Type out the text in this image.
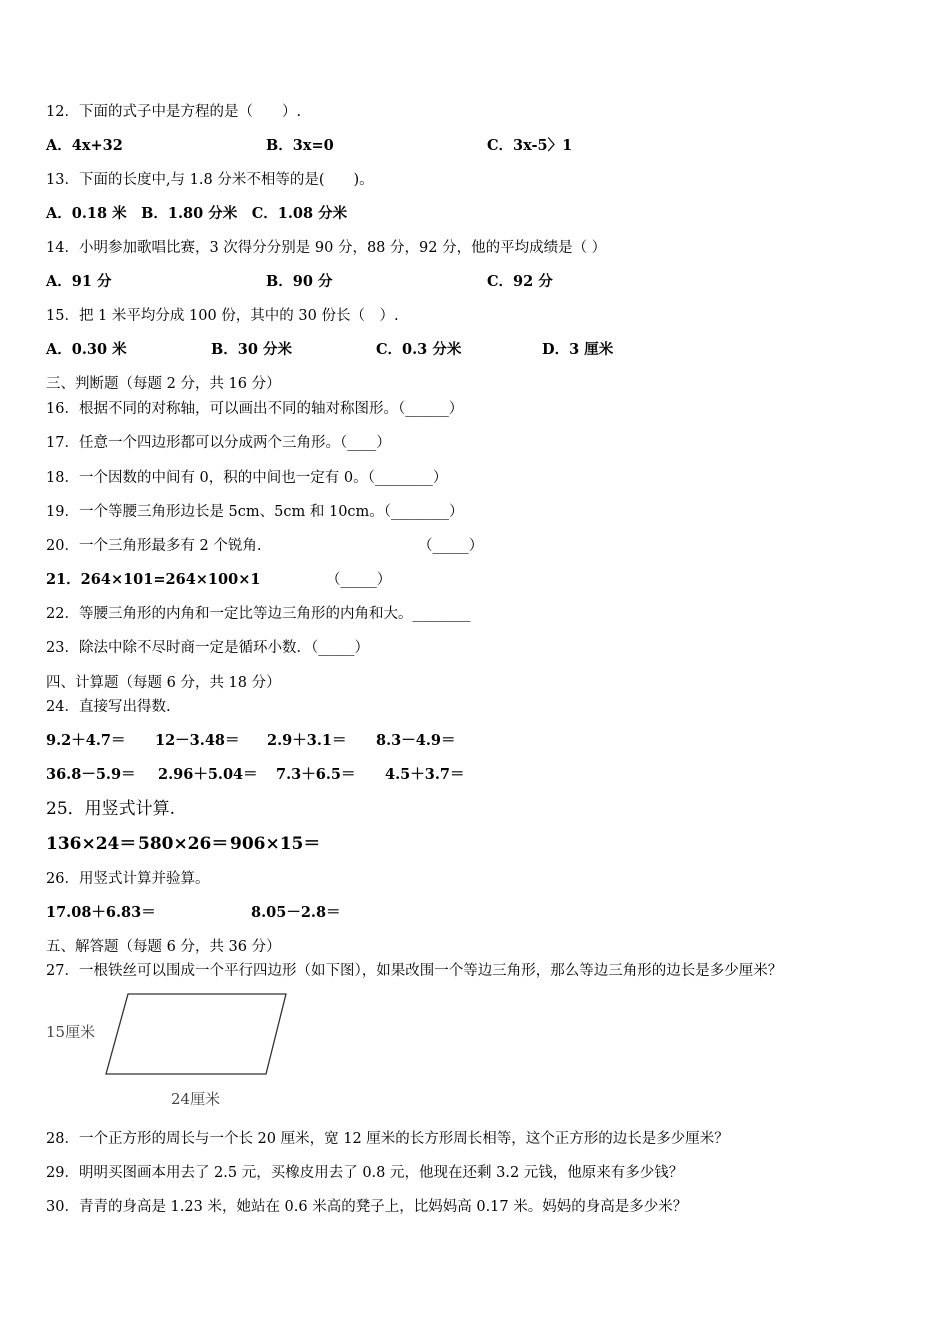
12．下面的式子中是方程的是（　　）.
A．4x+32	B．3x=0	C．3x-5〉1
13．下面的长度中,与 1.8 分米不相等的是(　　)。
A．0.18 米　B．1.80 分米　C．1.08 分米
14．小明参加歌唱比赛，3 次得分分别是 90 分，88 分，92 分，他的平均成绩是（ ）
A．91 分	B．90 分	C．92 分
15．把 1 米平均分成 100 份，其中的 30 份长（　）.
A．0.30 米	B．30 分米	C．0.3 分米	D．3 厘米
三、判断题（每题 2 分，共 16 分）
16．根据不同的对称轴，可以画出不同的轴对称图形。（______）
17．任意一个四边形都可以分成两个三角形。（____）
18．一个因数的中间有 0，积的中间也一定有 0。（________）
19．一个等腰三角形边长是 5cm、5cm 和 10cm。（________）
20．一个三角形最多有 2 个锐角.	（_____）
21．264×101=264×100×1	（_____）
22．等腰三角形的内角和一定比等边三角形的内角和大。________
23．除法中除不尽时商一定是循环小数．（_____）
四、计算题（每题 6 分，共 18 分）
24．直接写出得数.
9.2＋4.7＝ 12－3.48＝ 2.9＋3.1＝ 8.3－4.9＝
36.8－5.9＝ 2.96＋5.04＝ 7.3＋6.5＝ 4.5＋3.7＝
25．用竖式计算.
136×24＝ 580×26＝ 906×15＝
26．用竖式计算并验算。
17.08＋6.83＝	8.05－2.8＝
五、解答题（每题 6 分，共 36 分）
27．一根铁丝可以围成一个平行四边形（如下图），如果改围一个等边三角形，那么等边三角形的边长是多少厘米？
15厘米
24厘米
28．一个正方形的周长与一个长 20 厘米，宽 12 厘米的长方形周长相等，这个正方形的边长是多少厘米？
29．明明买图画本用去了 2.5 元，买橡皮用去了 0.8 元，他现在还剩 3.2 元钱，他原来有多少钱？
30．青青的身高是 1.23 米，她站在 0.6 米高的凳子上，比妈妈高 0.17 米。妈妈的身高是多少米？
